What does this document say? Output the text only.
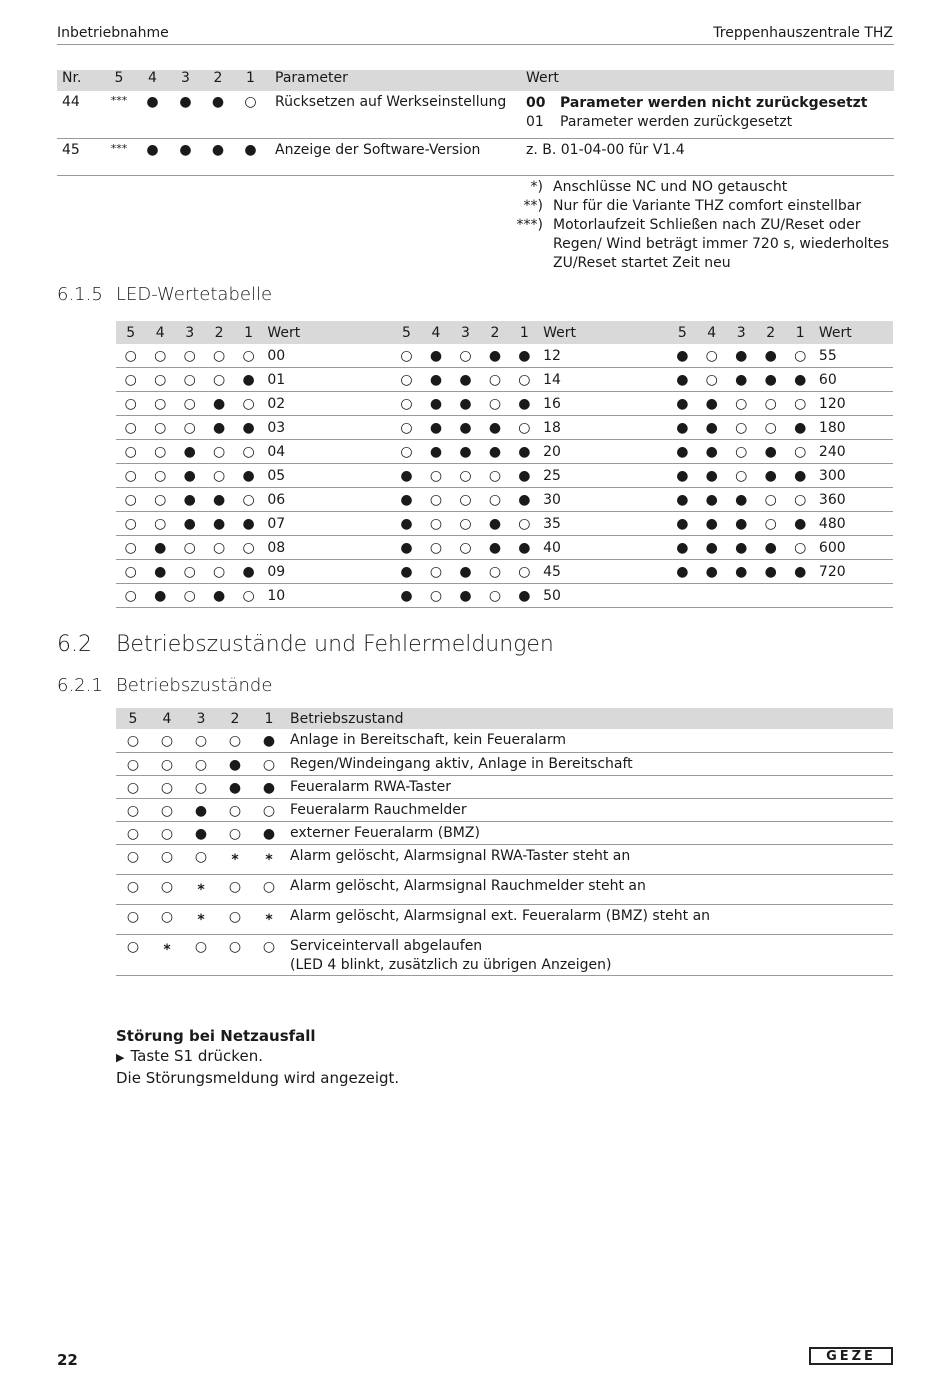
Inbetriebnahme	Treppenhauszentrale THZ
Nr.	5	4	3	2	1	Parameter	Wert
44	***	●	●	●	○	Rücksetzen auf Werkseinstellung	00 Parameter werden nicht zurückgesetzt
01 Parameter werden zurückgesetzt

45	***	●	●	●	●	Anzeige der Software-Version	z. B. 01-04-00 für V1.4
*) Anschlüsse NC und NO getauscht
**) Nur für die Variante THZ comfort einstellbar
***) Motorlaufzeit Schließen nach ZU/Reset oder Regen/ Wind beträgt immer 720 s, wiederholtes ZU/Reset startet Zeit neu
6.1.5 LED-Wertetabelle
5	4	3	2	1	Wert	5	4	3	2	1	Wert	5	4	3	2	1	Wert
○	○	○	○	○	00	○	●	○	●	●	12	●	○	●	●	○	55
○	○	○	○	●	01	○	●	●	○	○	14	●	○	●	●	●	60
○	○	○	●	○	02	○	●	●	○	●	16	●	●	○	○	○	120
○	○	○	●	●	03	○	●	●	●	○	18	●	●	○	○	●	180
○	○	●	○	○	04	○	●	●	●	●	20	●	●	○	●	○	240
○	○	●	○	●	05	●	○	○	○	●	25	●	●	○	●	●	300
○	○	●	●	○	06	●	○	○	○	●	30	●	●	●	○	○	360
○	○	●	●	●	07	●	○	○	●	○	35	●	●	●	○	●	480
○	●	○	○	○	08	●	○	○	●	●	40	●	●	●	●	○	600
○	●	○	○	●	09	●	○	●	○	○	45	●	●	●	●	●	720
○	●	○	●	○	10	●	○	●	○	●	50						
6.2 Betriebszustände und Fehlermeldungen
6.2.1 Betriebszustände
5	4	3	2	1	Betriebszustand
○	○	○	○	●	Anlage in Bereitschaft, kein Feueralarm

○	○	○	●	○	Regen/Windeingang aktiv, Anlage in Bereitschaft

○	○	○	●	●	Feueralarm RWA-Taster

○	○	●	○	○	Feueralarm Rauchmelder

○	○	●	○	●	externer Feueralarm (BMZ)

○	○	○	*	*	Alarm gelöscht, Alarmsignal RWA-Taster steht an

○	○	*	○	○	Alarm gelöscht, Alarmsignal Rauchmelder steht an

○	○	*	○	*	Alarm gelöscht, Alarmsignal ext. Feueralarm (BMZ) steht an

○	*	○	○	○	Serviceintervall abgelaufen
(LED 4 blinkt, zusätzlich zu übrigen Anzeigen)
Störung bei Netzausfall
▶ Taste S1 drücken.
Die Störungsmeldung wird angezeigt.
22	GEZE
